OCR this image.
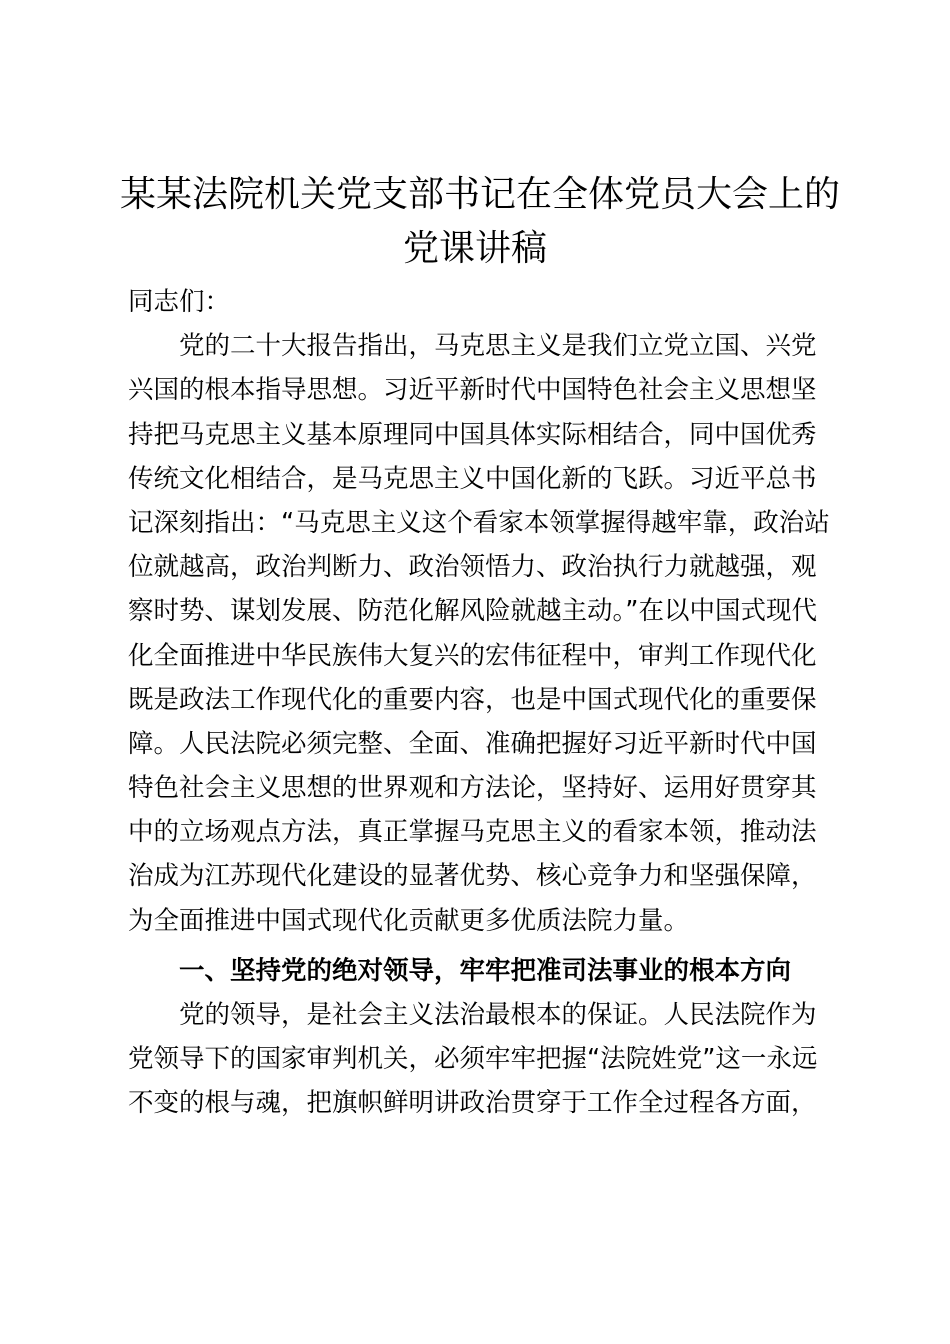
某某法院机关党支部书记在全体党员大会上的
党课讲稿
同志们：
党的二十大报告指出，马克思主义是我们立党立国、兴党
兴国的根本指导思想。习近平新时代中国特色社会主义思想坚
持把马克思主义基本原理同中国具体实际相结合，同中国优秀
传统文化相结合，是马克思主义中国化新的飞跃。习近平总书
记深刻指出：“马克思主义这个看家本领掌握得越牢靠，政治站
位就越高，政治判断力、政治领悟力、政治执行力就越强，观
察时势、谋划发展、防范化解风险就越主动。”在以中国式现代
化全面推进中华民族伟大复兴的宏伟征程中，审判工作现代化
既是政法工作现代化的重要内容，也是中国式现代化的重要保
障。人民法院必须完整、全面、准确把握好习近平新时代中国
特色社会主义思想的世界观和方法论，坚持好、运用好贯穿其
中的立场观点方法，真正掌握马克思主义的看家本领，推动法
治成为江苏现代化建设的显著优势、核心竞争力和坚强保障，
为全面推进中国式现代化贡献更多优质法院力量。
一、坚持党的绝对领导，牢牢把准司法事业的根本方向
党的领导，是社会主义法治最根本的保证。人民法院作为
党领导下的国家审判机关，必须牢牢把握“法院姓党”这一永远
不变的根与魂，把旗帜鲜明讲政治贯穿于工作全过程各方面，
